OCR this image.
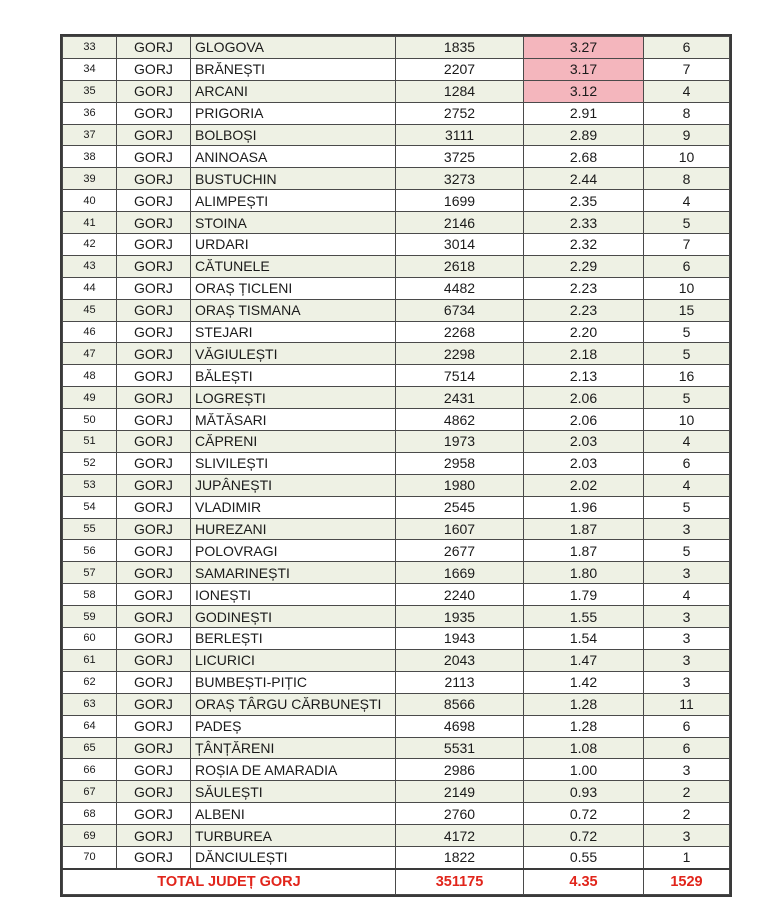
33	GORJ	GLOGOVA	1835	3.27	6
34	GORJ	BRĂNEȘTI	2207	3.17	7
35	GORJ	ARCANI	1284	3.12	4
36	GORJ	PRIGORIA	2752	2.91	8
37	GORJ	BOLBOȘI	3111	2.89	9
38	GORJ	ANINOASA	3725	2.68	10
39	GORJ	BUSTUCHIN	3273	2.44	8
40	GORJ	ALIMPEȘTI	1699	2.35	4
41	GORJ	STOINA	2146	2.33	5
42	GORJ	URDARI	3014	2.32	7
43	GORJ	CĂTUNELE	2618	2.29	6
44	GORJ	ORAȘ ȚICLENI	4482	2.23	10
45	GORJ	ORAȘ TISMANA	6734	2.23	15
46	GORJ	STEJARI	2268	2.20	5
47	GORJ	VĂGIULEȘTI	2298	2.18	5
48	GORJ	BĂLEȘTI	7514	2.13	16
49	GORJ	LOGREȘTI	2431	2.06	5
50	GORJ	MĂTĂSARI	4862	2.06	10
51	GORJ	CĂPRENI	1973	2.03	4
52	GORJ	SLIVILEȘTI	2958	2.03	6
53	GORJ	JUPÂNEȘTI	1980	2.02	4
54	GORJ	VLADIMIR	2545	1.96	5
55	GORJ	HUREZANI	1607	1.87	3
56	GORJ	POLOVRAGI	2677	1.87	5
57	GORJ	SAMARINEȘTI	1669	1.80	3
58	GORJ	IONEȘTI	2240	1.79	4
59	GORJ	GODINEȘTI	1935	1.55	3
60	GORJ	BERLEȘTI	1943	1.54	3
61	GORJ	LICURICI	2043	1.47	3
62	GORJ	BUMBEȘTI-PIȚIC	2113	1.42	3
63	GORJ	ORAȘ TÂRGU CĂRBUNEȘTI	8566	1.28	11
64	GORJ	PADEȘ	4698	1.28	6
65	GORJ	ȚÂNȚĂRENI	5531	1.08	6
66	GORJ	ROȘIA DE AMARADIA	2986	1.00	3
67	GORJ	SĂULEȘTI	2149	0.93	2
68	GORJ	ALBENI	2760	0.72	2
69	GORJ	TURBUREA	4172	0.72	3
70	GORJ	DĂNCIULEȘTI	1822	0.55	1
TOTAL JUDEȚ GORJ			351175	4.35	1529
